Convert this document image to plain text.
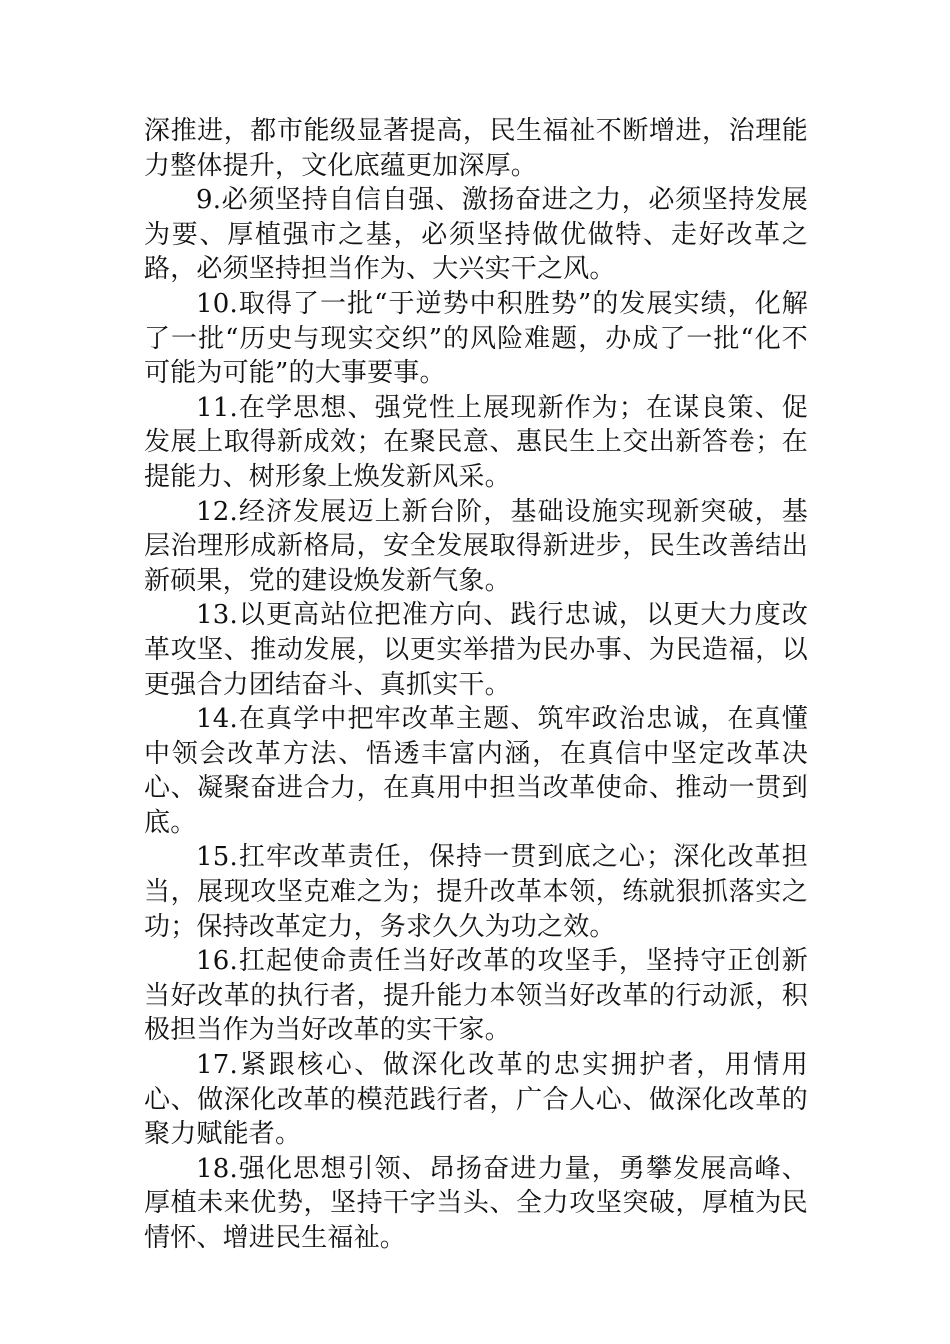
深推进，都市能级显著提高，民生福祉不断增进，治理能力整体提升，文化底蕴更加深厚。

9.必须坚持自信自强、激扬奋进之力，必须坚持发展为要、厚植强市之基，必须坚持做优做特、走好改革之路，必须坚持担当作为、大兴实干之风。

10.取得了一批“于逆势中积胜势”的发展实绩，化解了一批“历史与现实交织”的风险难题，办成了一批“化不可能为可能”的大事要事。

11.在学思想、强党性上展现新作为；在谋良策、促发展上取得新成效；在聚民意、惠民生上交出新答卷；在提能力、树形象上焕发新风采。

12.经济发展迈上新台阶，基础设施实现新突破，基层治理形成新格局，安全发展取得新进步，民生改善结出新硕果，党的建设焕发新气象。

13.以更高站位把准方向、践行忠诚，以更大力度改革攻坚、推动发展，以更实举措为民办事、为民造福，以更强合力团结奋斗、真抓实干。

14.在真学中把牢改革主题、筑牢政治忠诚，在真懂中领会改革方法、悟透丰富内涵，在真信中坚定改革决心、凝聚奋进合力，在真用中担当改革使命、推动一贯到底。

15.扛牢改革责任，保持一贯到底之心；深化改革担当，展现攻坚克难之为；提升改革本领，练就狠抓落实之功；保持改革定力，务求久久为功之效。

16.扛起使命责任当好改革的攻坚手，坚持守正创新当好改革的执行者，提升能力本领当好改革的行动派，积极担当作为当好改革的实干家。

17.紧跟核心、做深化改革的忠实拥护者，用情用心、做深化改革的模范践行者，广合人心、做深化改革的聚力赋能者。

18.强化思想引领、昂扬奋进力量，勇攀发展高峰、厚植未来优势，坚持干字当头、全力攻坚突破，厚植为民情怀、增进民生福祉。
